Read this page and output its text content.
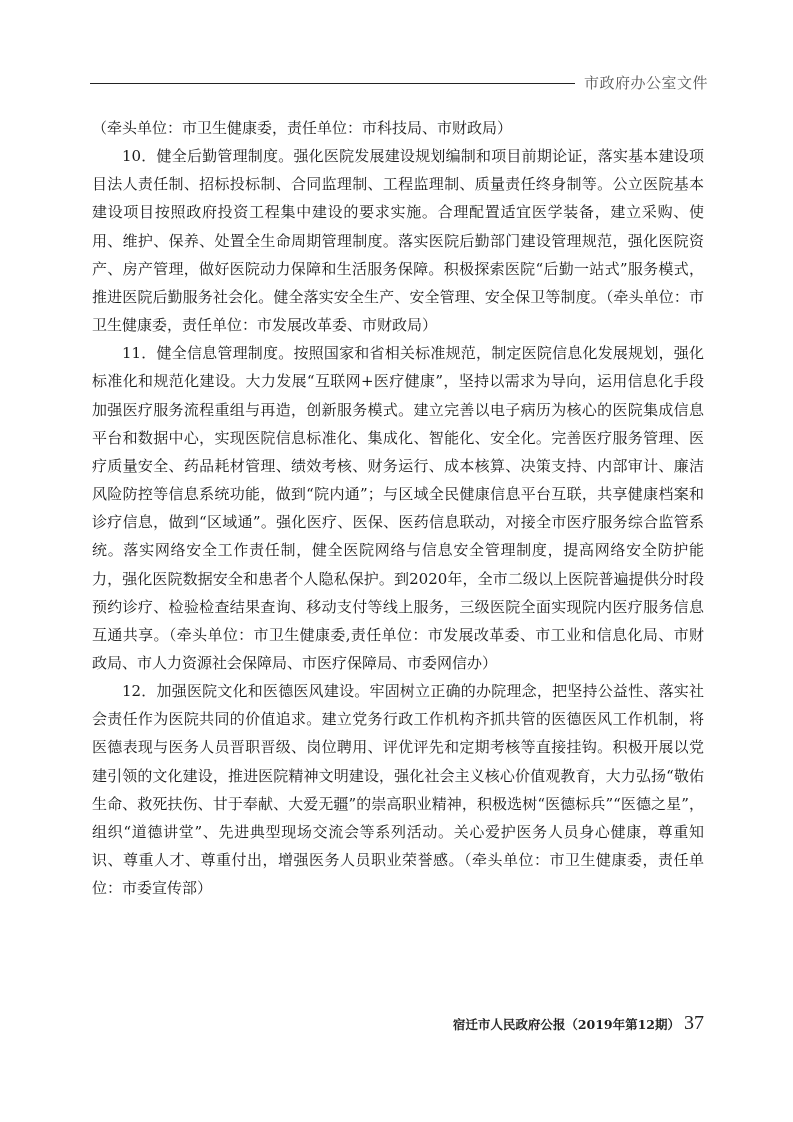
市政府办公室文件

（牵头单位：市卫生健康委，责任单位：市科技局、市财政局）

10．健全后勤管理制度。强化医院发展建设规划编制和项目前期论证，落实基本建设项目法人责任制、招标投标制、合同监理制、工程监理制、质量责任终身制等。公立医院基本建设项目按照政府投资工程集中建设的要求实施。合理配置适宜医学装备，建立采购、使用、维护、保养、处置全生命周期管理制度。落实医院后勤部门建设管理规范，强化医院资产、房产管理，做好医院动力保障和生活服务保障。积极探索医院“后勤一站式”服务模式，推进医院后勤服务社会化。健全落实安全生产、安全管理、安全保卫等制度。（牵头单位：市卫生健康委，责任单位：市发展改革委、市财政局）

11．健全信息管理制度。按照国家和省相关标准规范，制定医院信息化发展规划，强化标准化和规范化建设。大力发展“互联网+医疗健康”，坚持以需求为导向，运用信息化手段加强医疗服务流程重组与再造，创新服务模式。建立完善以电子病历为核心的医院集成信息平台和数据中心，实现医院信息标准化、集成化、智能化、安全化。完善医疗服务管理、医疗质量安全、药品耗材管理、绩效考核、财务运行、成本核算、决策支持、内部审计、廉洁风险防控等信息系统功能，做到“院内通”；与区域全民健康信息平台互联，共享健康档案和诊疗信息，做到“区域通”。强化医疗、医保、医药信息联动，对接全市医疗服务综合监管系统。落实网络安全工作责任制，健全医院网络与信息安全管理制度，提高网络安全防护能力，强化医院数据安全和患者个人隐私保护。到2020年，全市二级以上医院普遍提供分时段预约诊疗、检验检查结果查询、移动支付等线上服务，三级医院全面实现院内医疗服务信息互通共享。（牵头单位：市卫生健康委,责任单位：市发展改革委、市工业和信息化局、市财政局、市人力资源社会保障局、市医疗保障局、市委网信办）

12．加强医院文化和医德医风建设。牢固树立正确的办院理念，把坚持公益性、落实社会责任作为医院共同的价值追求。建立党务行政工作机构齐抓共管的医德医风工作机制，将医德表现与医务人员晋职晋级、岗位聘用、评优评先和定期考核等直接挂钩。积极开展以党建引领的文化建设，推进医院精神文明建设，强化社会主义核心价值观教育，大力弘扬“敬佑生命、救死扶伤、甘于奉献、大爱无疆”的崇高职业精神，积极选树“医德标兵”“医德之星”，组织“道德讲堂”、先进典型现场交流会等系列活动。关心爱护医务人员身心健康，尊重知识、尊重人才、尊重付出，增强医务人员职业荣誉感。（牵头单位：市卫生健康委，责任单位：市委宣传部）

宿迁市人民政府公报（2019年第12期） 37
